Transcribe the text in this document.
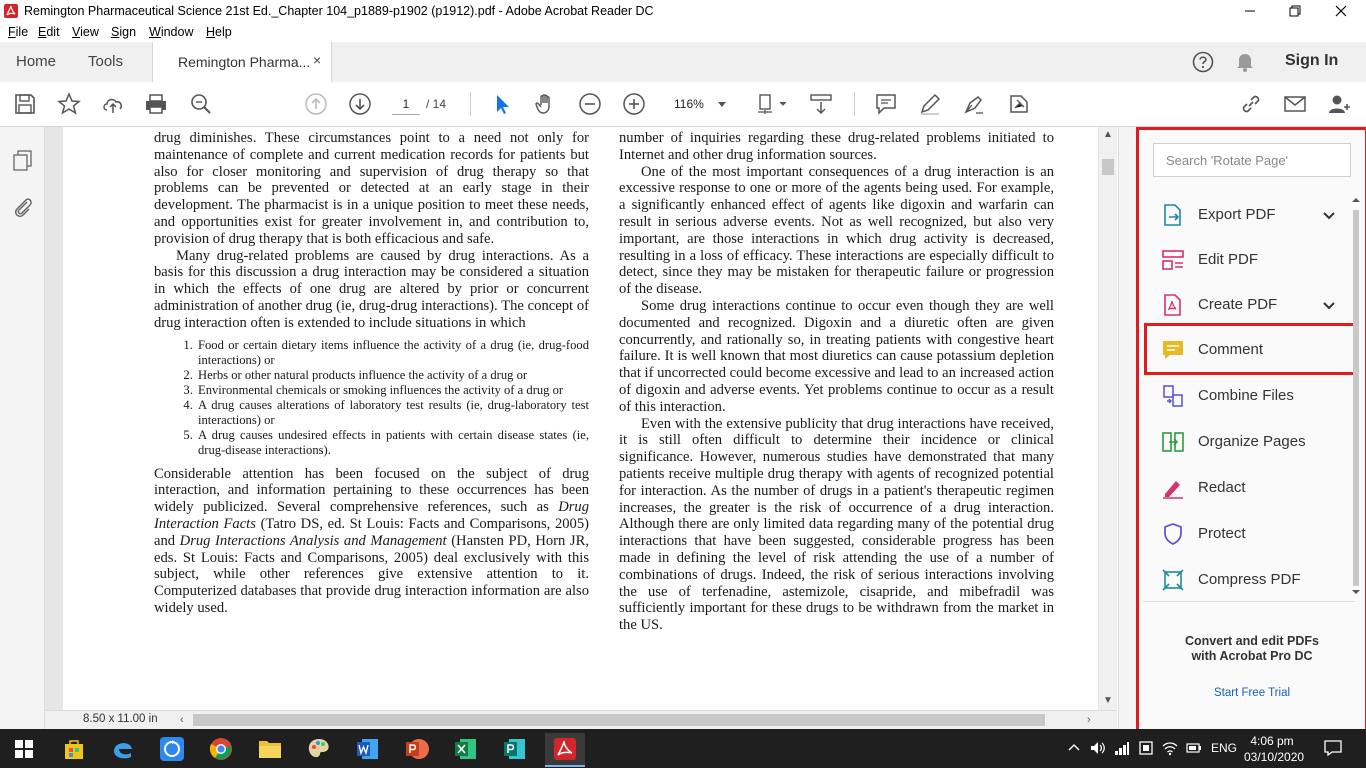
Remington Pharmaceutical Science 21st Ed._Chapter 104_p1889-p1902 (p1912).pdf - Adobe Acrobat Reader DC
File Edit View Sign Window Help
Home Tools	Remington Pharma... ×	Sign In
1	/ 14	116%

drug diminishes. These circumstances point to a need not only for maintenance of complete and current medication records for patients but also for closer monitoring and supervision of drug therapy so that problems can be prevented or detected at an early stage in their development. The pharmacist is in a unique position to meet these needs, and opportunities exist for greater involvement in, and contribution to, provision of drug therapy that is both efficacious and safe.

Many drug-related problems are caused by drug interactions. As a basis for this discussion a drug interaction may be considered a situation in which the effects of one drug are altered by prior or concurrent administration of another drug (ie, drug-drug interactions). The concept of drug interaction often is extended to include situations in which

1. Food or certain dietary items influence the activity of a drug (ie, drug-food interactions) or
2. Herbs or other natural products influence the activity of a drug or
3. Environmental chemicals or smoking influences the activity of a drug or
4. A drug causes alterations of laboratory test results (ie, drug-laboratory test interactions) or
5. A drug causes undesired effects in patients with certain disease states (ie, drug-disease interactions).

Considerable attention has been focused on the subject of drug interaction, and information pertaining to these occurrences has been widely publicized. Several comprehensive references, such as Drug Interaction Facts (Tatro DS, ed. St Louis: Facts and Comparisons, 2005) and Drug Interactions Analysis and Management (Hansten PD, Horn JR, eds. St Louis: Facts and Comparisons, 2005) deal exclusively with this subject, while other references give extensive attention to it. Computerized databases that provide drug interaction information are also widely used.

number of inquiries regarding these drug-related problems initiated to Internet and other drug information sources.

One of the most important consequences of a drug interaction is an excessive response to one or more of the agents being used. For example, a significantly enhanced effect of agents like digoxin and warfarin can result in serious adverse events. Not as well recognized, but also very important, are those interactions in which drug activity is decreased, resulting in a loss of efficacy. These interactions are especially difficult to detect, since they may be mistaken for therapeutic failure or progression of the disease.

Some drug interactions continue to occur even though they are well documented and recognized. Digoxin and a diuretic often are given concurrently, and rationally so, in treating patients with congestive heart failure. It is well known that most diuretics can cause potassium depletion that if uncorrected could become excessive and lead to an increased action of digoxin and adverse events. Yet problems continue to occur as a result of this interaction.

Even with the extensive publicity that drug interactions have received, it is still often difficult to determine their incidence or clinical significance. However, numerous studies have demonstrated that many patients receive multiple drug therapy with agents of recognized potential for interaction. As the number of drugs in a patient's therapeutic regimen increases, the greater is the risk of occurrence of a drug interaction. Although there are only limited data regarding many of the potential drug interactions that have been suggested, considerable progress has been made in defining the level of risk attending the use of a number of combinations of drugs. Indeed, the risk of serious interactions involving the use of terfenadine, astemizole, cisapride, and mibefradil was sufficiently important for these drugs to be withdrawn from the market in the US.

▲
▼
8.50 x 11.00 in ‹	›
Search 'Rotate Page'
Export PDF
Edit PDF
Create PDF
Comment
Combine Files
Organize Pages
Redact
Protect
Compress PDF
Convert and edit PDFs
with Acrobat Pro DC
Start Free Trial
ENG	4:06 pm
03/10/2020
